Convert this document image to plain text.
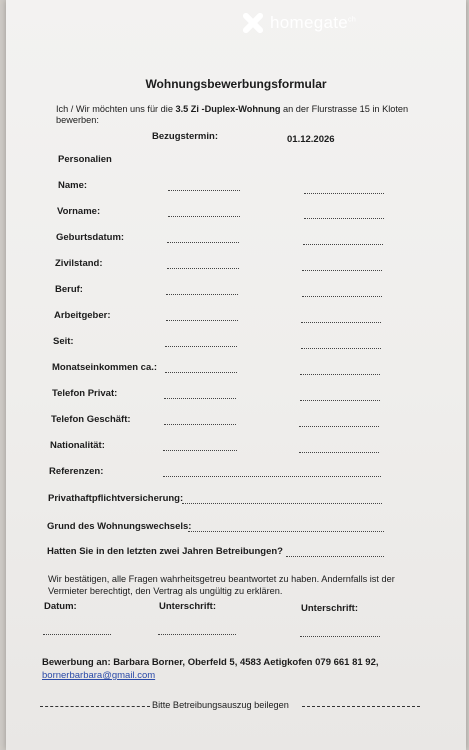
homegate$^{ch}$
Wohnungsbewerbungsformular
Ich / Wir möchten uns für die 3.5 Zi -Duplex-Wohnung an der Flurstrasse 15 in Kloten bewerben:
Bezugstermin:	01.12.2026
Personalien
Name:
Vorname:
Geburtsdatum:
Zivilstand:
Beruf:
Arbeitgeber:
Seit:
Monatseinkommen ca.:
Telefon Privat:
Telefon Geschäft:
Nationalität:
Referenzen:
Privathaftpflichtversicherung:
Grund des Wohnungswechsels:
Hatten Sie in den letzten zwei Jahren Betreibungen?
Wir bestätigen, alle Fragen wahrheitsgetreu beantwortet zu haben. Andernfalls ist der Vermieter berechtigt, den Vertrag als ungültig zu erklären.
Datum:	Unterschrift:	Unterschrift:
Bewerbung an: Barbara Borner, Oberfeld 5, 4583 Aetigkofen 079 661 81 92,
bornerbarbara@gmail.com
Bitte Betreibungsauszug beilegen
